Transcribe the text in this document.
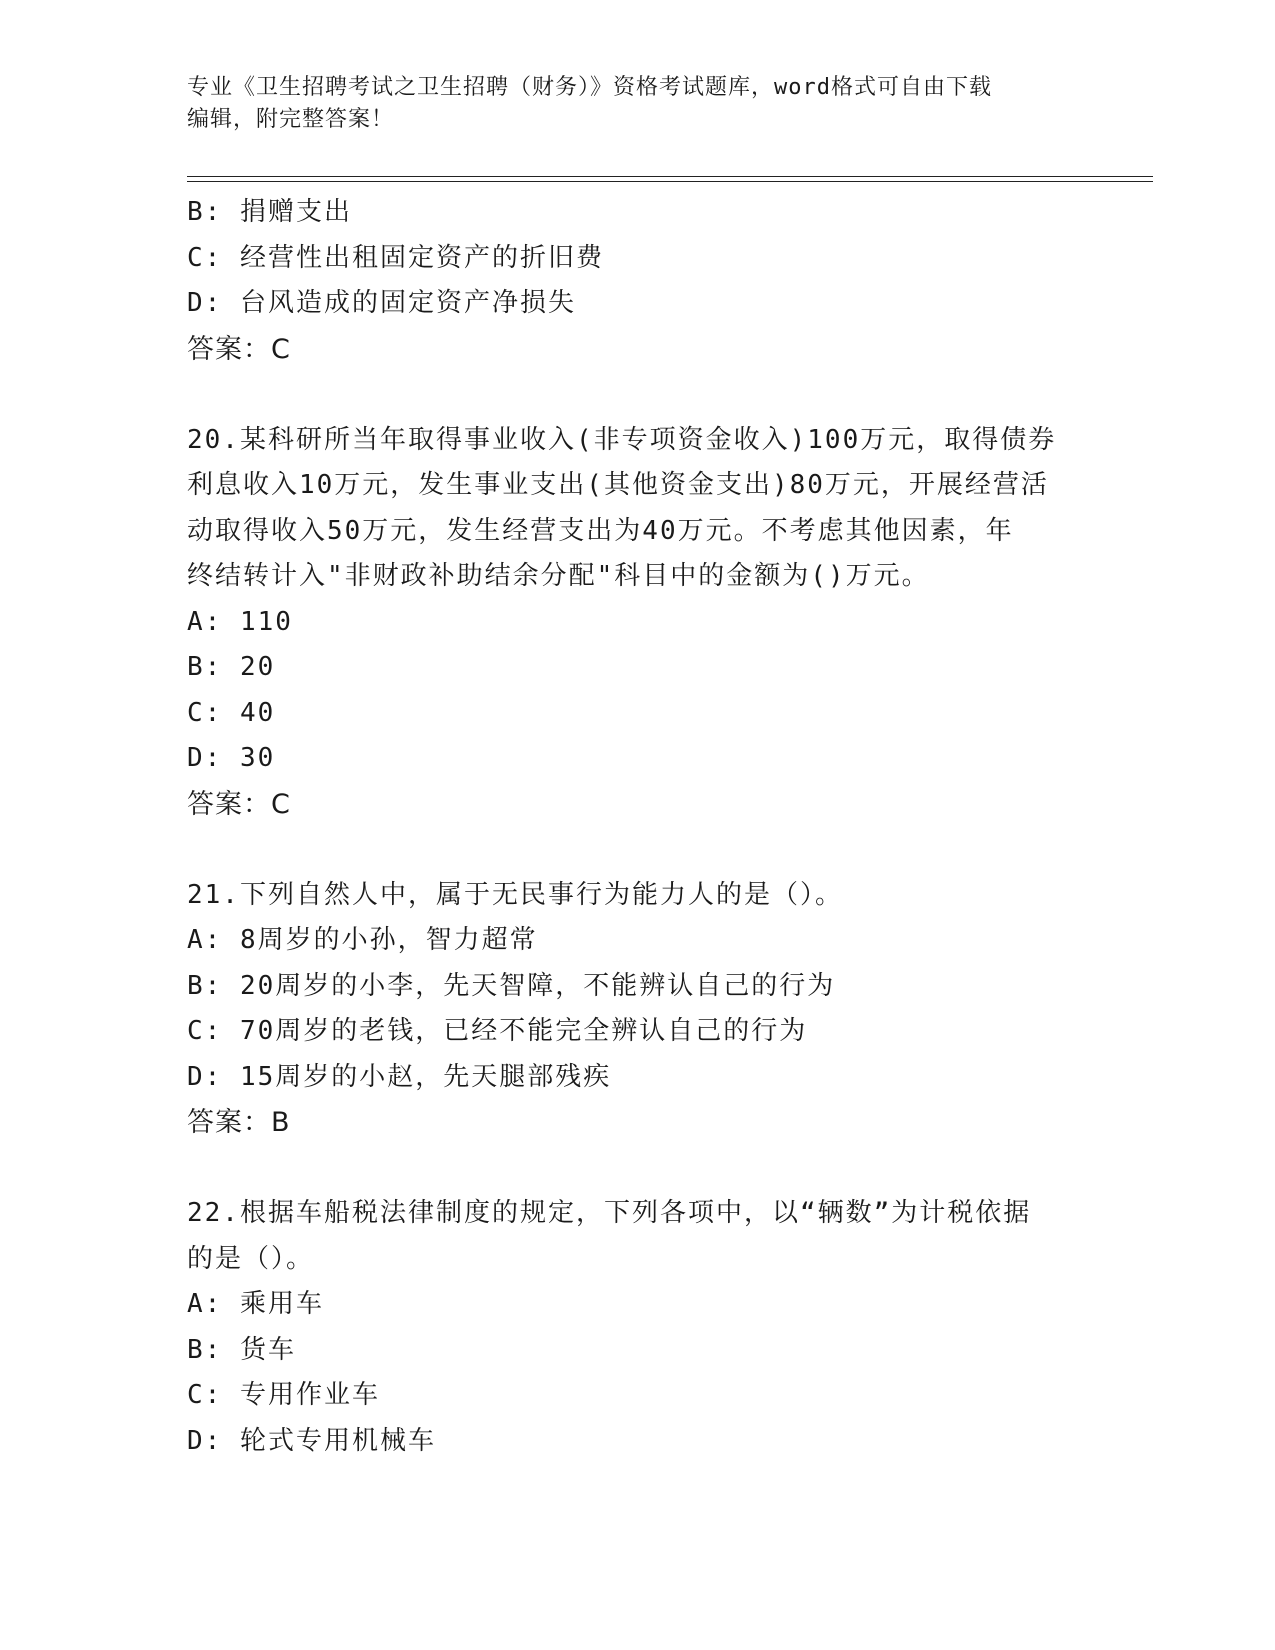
专业《卫生招聘考试之卫生招聘（财务）》资格考试题库，word格式可自由下载
编辑，附完整答案！
B: 捐赠支出
C: 经营性出租固定资产的折旧费
D: 台风造成的固定资产净损失
答案：C
20.某科研所当年取得事业收入(非专项资金收入)100万元，取得债券
利息收入10万元，发生事业支出(其他资金支出)80万元，开展经营活
动取得收入50万元，发生经营支出为40万元。不考虑其他因素，年
终结转计入"非财政补助结余分配"科目中的金额为()万元。
A: 110
B: 20
C: 40
D: 30
答案：C
21.下列自然人中，属于无民事行为能力人的是（）。
A: 8周岁的小孙，智力超常
B: 20周岁的小李，先天智障，不能辨认自己的行为
C: 70周岁的老钱，已经不能完全辨认自己的行为
D: 15周岁的小赵，先天腿部残疾
答案：B
22.根据车船税法律制度的规定，下列各项中，以“辆数”为计税依据
的是（）。
A: 乘用车
B: 货车
C: 专用作业车
D: 轮式专用机械车
